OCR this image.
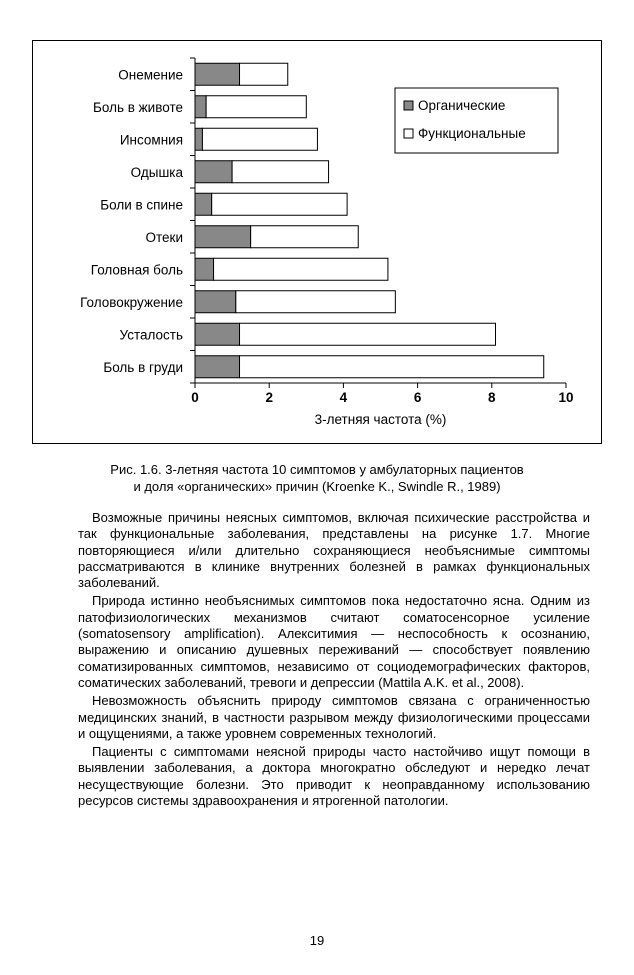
Онемение
Боль в животе
Инсомния
Одышка
Боли в спине
Отеки
Головная боль
Головокружение
Усталость
Боль в груди
0	2	4	6	8	10
3-летняя частота (%)
Органические
Функциональные
Рис. 1.6. 3-летняя частота 10 симптомов у амбулаторных пациентов
и доля «органических» причин (Kroenke K., Swindle R., 1989)

Возможные причины неясных симптомов, включая психические расстройства и так функциональные заболевания, представлены на рисунке 1.7. Многие повторяющиеся и/или длительно сохраняющиеся необъяснимые симптомы рассматриваются в клинике внутренних болезней в рамках функциональных заболеваний.

Природа истинно необъяснимых симптомов пока недостаточно ясна. Одним из патофизиологических механизмов считают соматосенсорное усиление (somatosensory amplification). Алекситимия — неспособность к осознанию, выражению и описанию душевных переживаний — способствует появлению соматизированных симптомов, независимо от социодемографических факторов, соматических заболеваний, тревоги и депрессии (Mattila A.K. et al., 2008).

Невозможность объяснить природу симптомов связана с ограниченностью медицинских знаний, в частности разрывом между физиологическими процессами и ощущениями, а также уровнем современных технологий.

Пациенты с симптомами неясной природы часто настойчиво ищут помощи в выявлении заболевания, а доктора многократно обследуют и нередко лечат несуществующие болезни. Это приводит к неоправданному использованию ресурсов системы здравоохранения и ятрогенной патологии.

19
